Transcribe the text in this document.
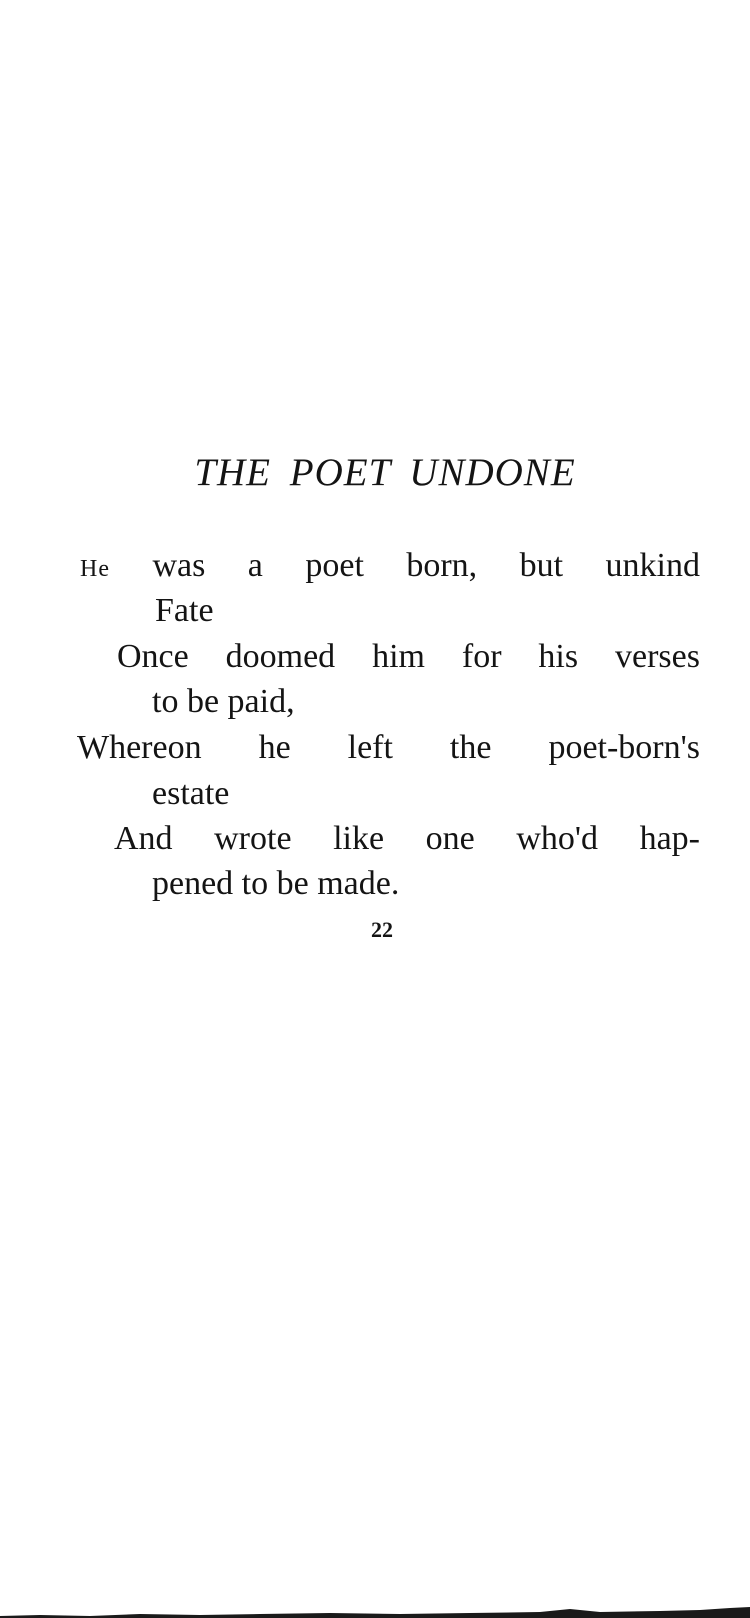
THE POET UNDONE
He was a poet born, but unkind
Fate
Once doomed him for his verses
to be paid,
Whereon he left the poet-born's
estate
And wrote like one who'd hap-
pened to be made.
22
